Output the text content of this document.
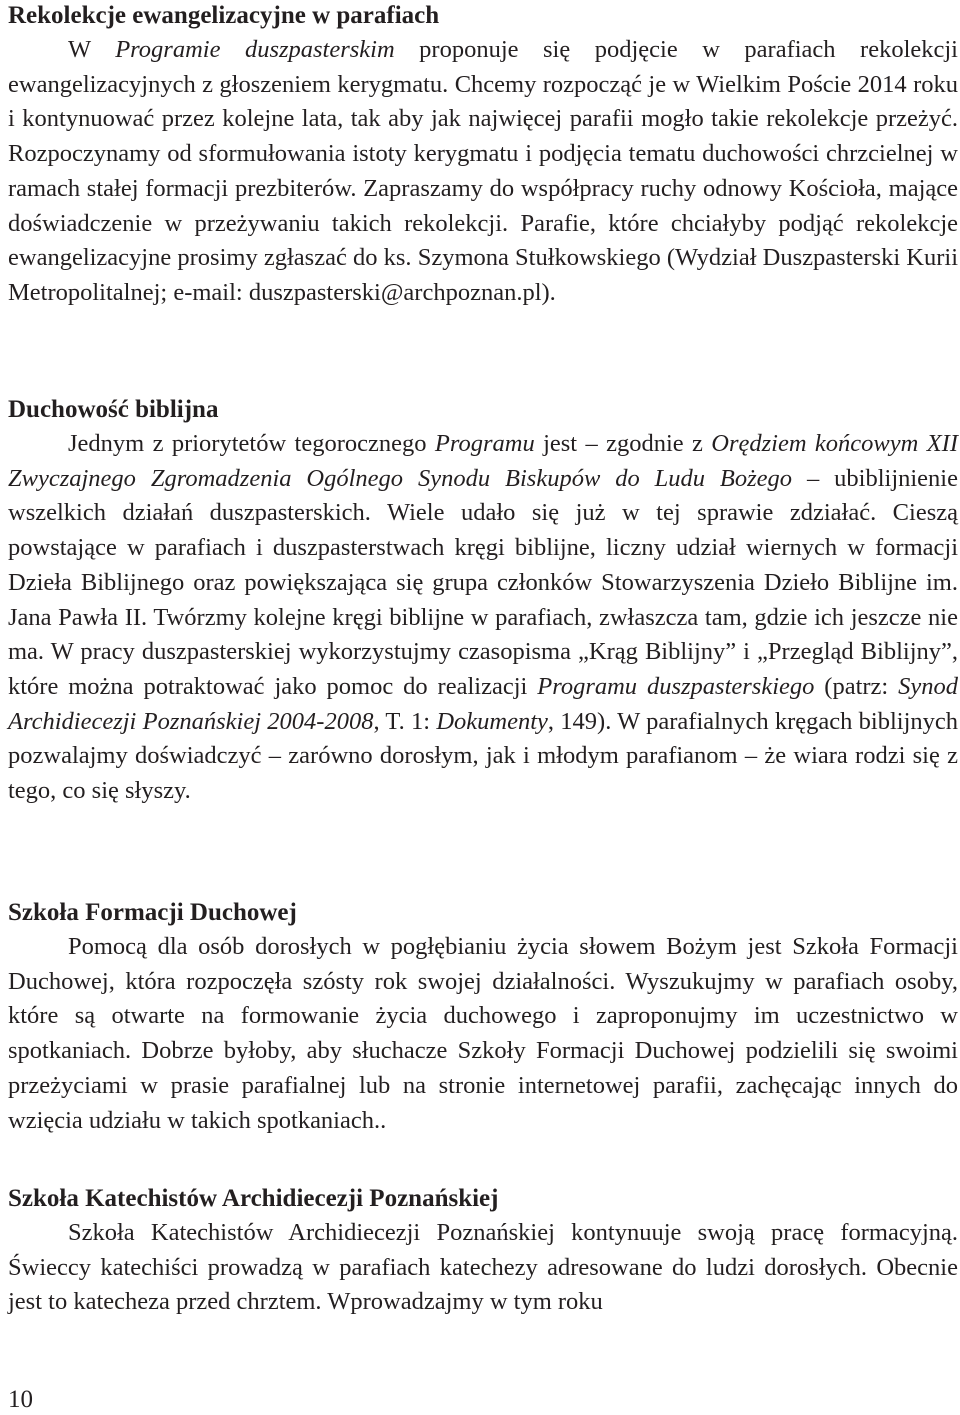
Rekolekcje ewangelizacyjne w parafiach

W Programie duszpasterskim proponuje się podjęcie w parafiach rekolekcji ewangelizacyjnych z głoszeniem kerygmatu. Chcemy rozpocząć je w Wielkim Poście 2014 roku i kontynuować przez kolejne lata, tak aby jak najwięcej parafii mogło takie rekolekcje przeżyć. Rozpoczynamy od sformułowania istoty kerygmatu i podjęcia tematu duchowości chrzcielnej w ramach stałej formacji prezbiterów. Zapraszamy do współpracy ruchy odnowy Kościoła, mające doświadczenie w przeżywaniu takich rekolekcji. Parafie, które chciałyby podjąć rekolekcje ewangelizacyjne prosimy zgłaszać do ks. Szymona Stułkowskiego (Wydział Duszpasterski Kurii Metropolitalnej; e-mail: duszpasterski@archpoznan.pl).

Duchowość biblijna

Jednym z priorytetów tegorocznego Programu jest – zgodnie z Orędziem końcowym XII Zwyczajnego Zgromadzenia Ogólnego Synodu Biskupów do Ludu Bożego – ubiblijnienie wszelkich działań duszpasterskich. Wiele udało się już w tej sprawie zdziałać. Cieszą powstające w parafiach i duszpasterstwach kręgi biblijne, liczny udział wiernych w formacji Dzieła Biblijnego oraz powiększająca się grupa członków Stowarzyszenia Dzieło Biblijne im. Jana Pawła II. Twórzmy kolejne kręgi biblijne w parafiach, zwłaszcza tam, gdzie ich jeszcze nie ma. W pracy duszpasterskiej wykorzystujmy czasopisma „Krąg Biblijny” i „Przegląd Biblijny”, które można potraktować jako pomoc do realizacji Programu duszpasterskiego (patrz: Synod Archidiecezji Poznańskiej 2004-2008, T. 1: Dokumenty, 149). W parafialnych kręgach biblijnych pozwalajmy doświadczyć – zarówno dorosłym, jak i młodym parafianom – że wiara rodzi się z tego, co się słyszy.

Szkoła Formacji Duchowej

Pomocą dla osób dorosłych w pogłębianiu życia słowem Bożym jest Szkoła Formacji Duchowej, która rozpoczęła szósty rok swojej działalności. Wyszukujmy w parafiach osoby, które są otwarte na formowanie życia duchowego i zaproponujmy im uczestnictwo w spotkaniach. Dobrze byłoby, aby słuchacze Szkoły Formacji Duchowej podzielili się swoimi przeżyciami w prasie parafialnej lub na stronie internetowej parafii, zachęcając innych do wzięcia udziału w takich spotkaniach..

Szkoła Katechistów Archidiecezji Poznańskiej

Szkoła Katechistów Archidiecezji Poznańskiej kontynuuje swoją pracę formacyjną. Świeccy katechiści prowadzą w parafiach katechezy adresowane do ludzi dorosłych. Obecnie jest to katecheza przed chrztem. Wprowadzajmy w tym roku

10
